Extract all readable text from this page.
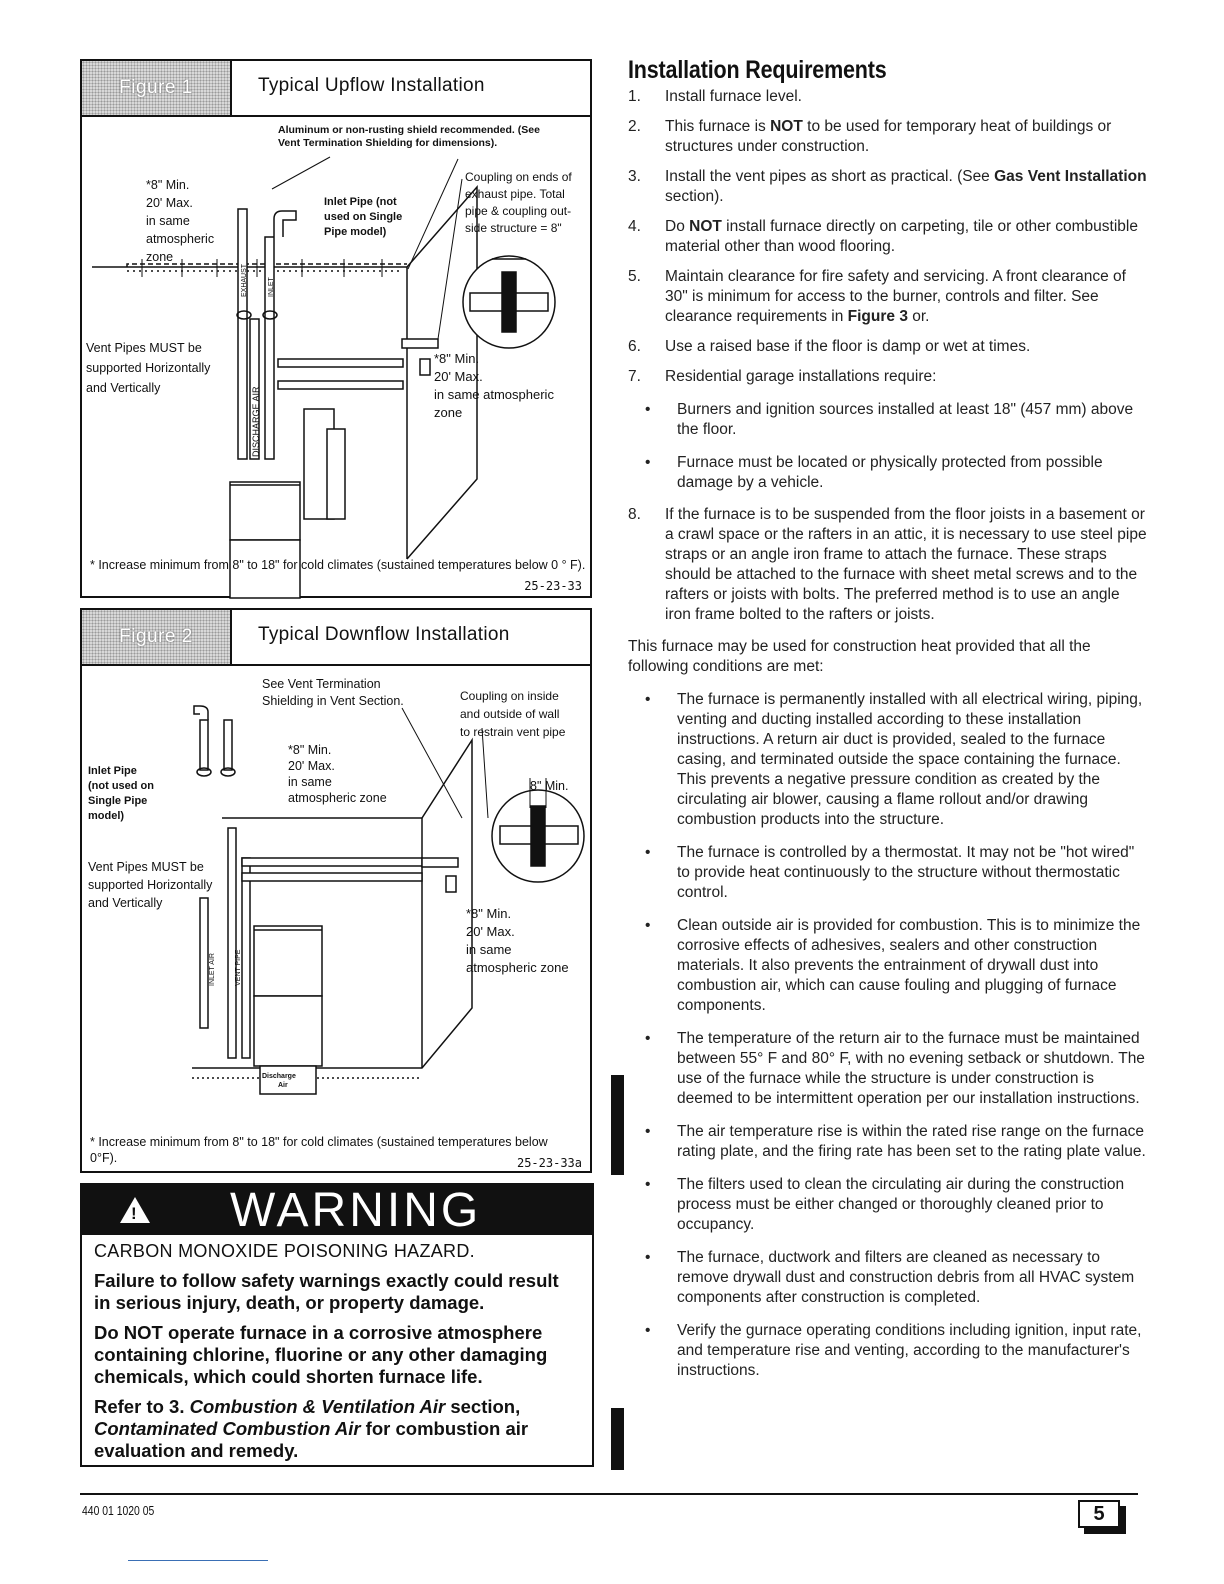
Figure 1	Typical Upflow Installation
EXHAUST	INLET
DISCHARGE AIR
Aluminum or non-rusting shield recommended. (See
Vent Termination Shielding for dimensions).
*8" Min.
20' Max.
in same
atmospheric
zone
Inlet Pipe (not
used on Single
Pipe model)
Coupling on ends of
exhaust pipe. Total
pipe & coupling out-
side structure = 8"
Vent Pipes MUST be
supported Horizontally
and Vertically
*8" Min.
20' Max.
in same atmospheric
zone
* Increase minimum from 8" to 18" for cold climates (sustained temperatures below 0 ° F).
25-23-33
Figure 2	Typical Downflow Installation
INLET AIR	VENT PIPE
Discharge
Air
See Vent Termination
Shielding in Vent Section.	Coupling on inside
and outside of wall
to restrain vent pipe
*8" Min.
20' Max.
in same
atmospheric zone
Inlet Pipe
(not used on
Single Pipe
model)
8" Min.
Vent Pipes MUST be
supported Horizontally
and Vertically
*8" Min.
20' Max.
in same
atmospheric zone
* Increase minimum from 8" to 18" for cold climates (sustained temperatures below 0°F).	25-23-33a
! WARNING
CARBON MONOXIDE POISONING HAZARD.
Failure to follow safety warnings exactly could result in serious injury, death, or property damage.
Do NOT operate furnace in a corrosive atmosphere containing chlorine, fluorine or any other damaging chemicals, which could shorten furnace life.
Refer to 3. Combustion & Ventilation Air section, Contaminated Combustion Air for combustion air evaluation and remedy.
Installation Requirements
1. Install furnace level.
2. This furnace is NOT to be used for temporary heat of buildings or structures under construction.
3. Install the vent pipes as short as practical. (See Gas Vent Installation section).
4. Do NOT install furnace directly on carpeting, tile or other combustible material other than wood flooring.
5. Maintain clearance for fire safety and servicing. A front clearance of 30" is minimum for access to the burner, controls and filter. See clearance requirements in Figure 3 or.
6. Use a raised base if the floor is damp or wet at times.
7. Residential garage installations require:
• Burners and ignition sources installed at least 18" (457 mm) above the floor.
• Furnace must be located or physically protected from possible damage by a vehicle.
8. If the furnace is to be suspended from the floor joists in a basement or a crawl space or the rafters in an attic, it is necessary to use steel pipe straps or an angle iron frame to attach the furnace. These straps should be attached to the furnace with sheet metal screws and to the rafters or joists with bolts. The preferred method is to use an angle iron frame bolted to the rafters or joists.
This furnace may be used for construction heat provided that all the following conditions are met:
• The furnace is permanently installed with all electrical wiring, piping, venting and ducting installed according to these installation instructions. A return air duct is provided, sealed to the furnace casing, and terminated outside the space containing the furnace. This prevents a negative pressure condition as created by the circulating air blower, causing a flame rollout and/or drawing combustion products into the structure.
• The furnace is controlled by a thermostat. It may not be "hot wired" to provide heat continuously to the structure without thermostatic control.
• Clean outside air is provided for combustion. This is to minimize the corrosive effects of adhesives, sealers and other construction materials. It also prevents the entrainment of drywall dust into combustion air, which can cause fouling and plugging of furnace components.
• The temperature of the return air to the furnace must be maintained between 55° F and 80° F, with no evening setback or shutdown. The use of the furnace while the structure is under construction is deemed to be intermittent operation per our installation instructions.
• The air temperature rise is within the rated rise range on the furnace rating plate, and the firing rate has been set to the rating plate value.
• The filters used to clean the circulating air during the construction process must be either changed or thoroughly cleaned prior to occupancy.
• The furnace, ductwork and filters are cleaned as necessary to remove drywall dust and construction debris from all HVAC system components after construction is completed.
• Verify the gurnace operating conditions including ignition, input rate, and temperature rise and venting, according to the manufacturer's instructions.
440 01 1020 05	5
